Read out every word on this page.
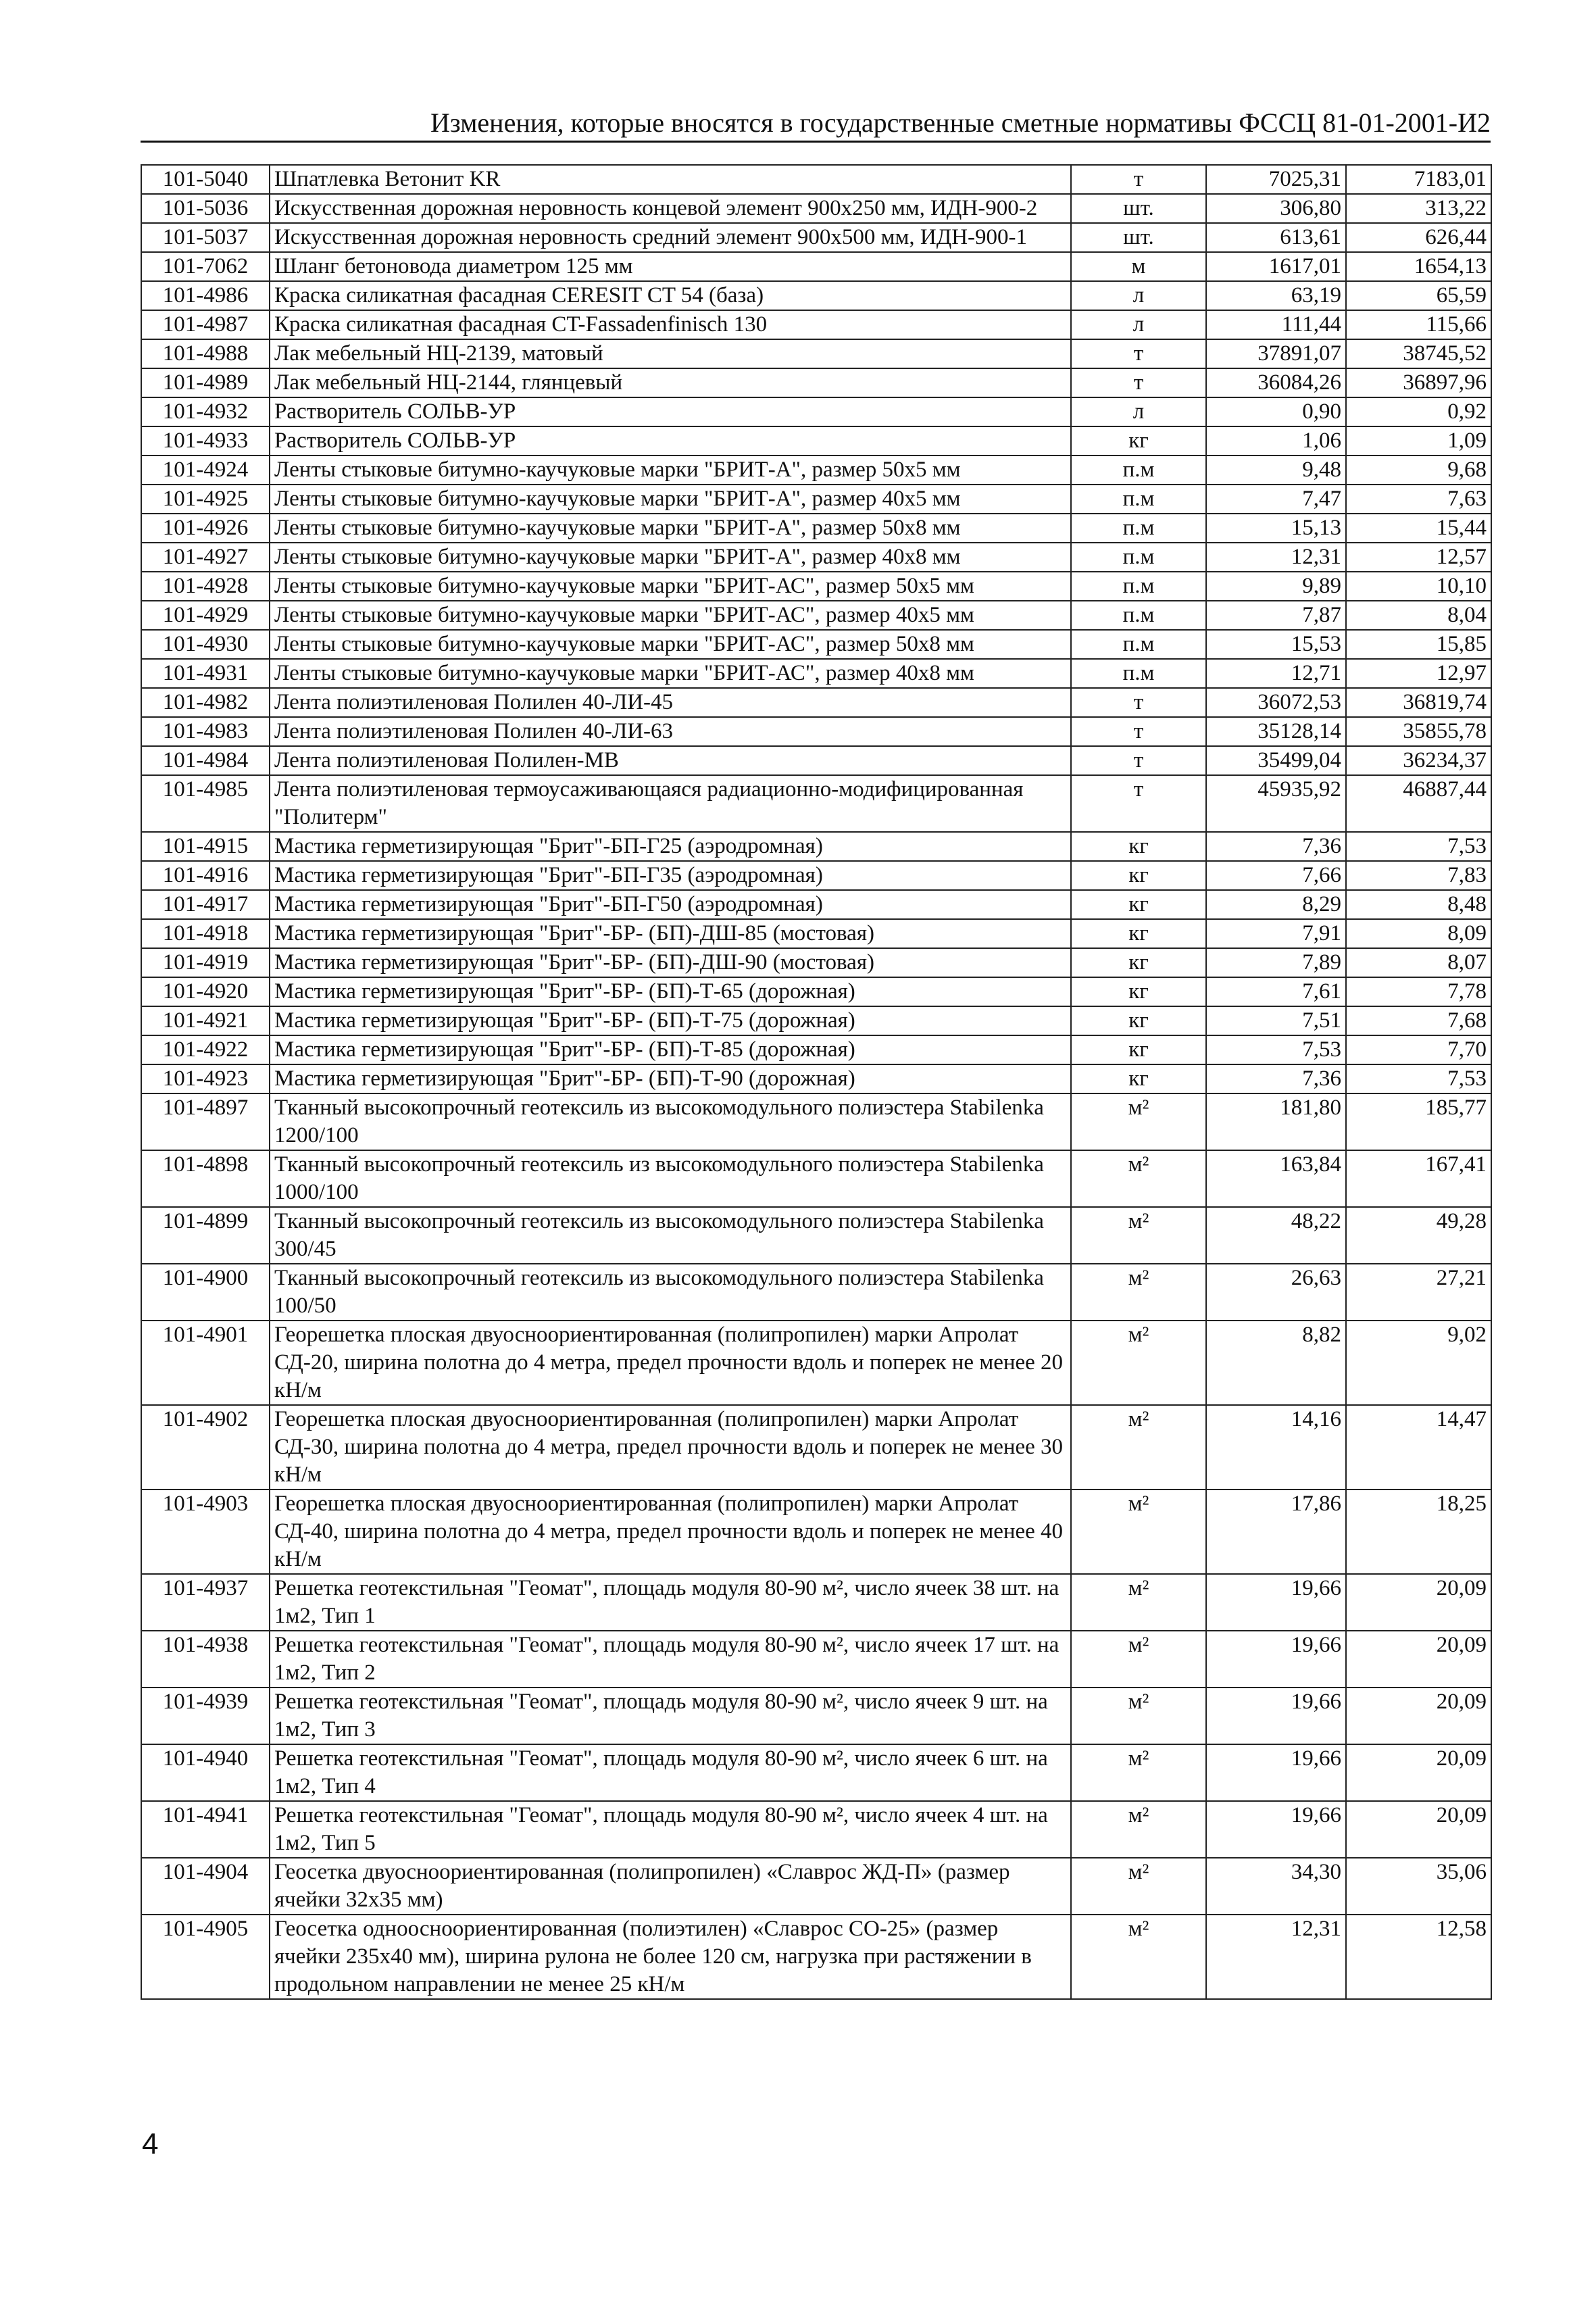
Изменения, которые вносятся в государственные сметные нормативы ФССЦ 81-01-2001-И2
101-5040	Шпатлевка Ветонит KR	т	7025,31	7183,01
101-5036	Искусственная дорожная неровность концевой элемент 900х250 мм, ИДН-900-2	шт.	306,80	313,22
101-5037	Искусственная дорожная неровность средний элемент 900х500 мм, ИДН-900-1	шт.	613,61	626,44
101-7062	Шланг бетоновода диаметром 125 мм	м	1617,01	1654,13
101-4986	Краска силикатная фасадная CERESIT CT 54 (база)	л	63,19	65,59
101-4987	Краска силикатная фасадная CT-Fassadenfinisch 130	л	111,44	115,66
101-4988	Лак мебельный НЦ-2139, матовый	т	37891,07	38745,52
101-4989	Лак мебельный НЦ-2144, глянцевый	т	36084,26	36897,96
101-4932	Растворитель СОЛЬВ-УР	л	0,90	0,92
101-4933	Растворитель СОЛЬВ-УР	кг	1,06	1,09
101-4924	Ленты стыковые битумно-каучуковые марки "БРИТ-А", размер 50х5 мм	п.м	9,48	9,68
101-4925	Ленты стыковые битумно-каучуковые марки "БРИТ-А", размер 40х5 мм	п.м	7,47	7,63
101-4926	Ленты стыковые битумно-каучуковые марки "БРИТ-А", размер 50х8 мм	п.м	15,13	15,44
101-4927	Ленты стыковые битумно-каучуковые марки "БРИТ-А", размер 40х8 мм	п.м	12,31	12,57
101-4928	Ленты стыковые битумно-каучуковые марки "БРИТ-АС", размер 50х5 мм	п.м	9,89	10,10
101-4929	Ленты стыковые битумно-каучуковые марки "БРИТ-АС", размер 40х5 мм	п.м	7,87	8,04
101-4930	Ленты стыковые битумно-каучуковые марки "БРИТ-АС", размер 50х8 мм	п.м	15,53	15,85
101-4931	Ленты стыковые битумно-каучуковые марки "БРИТ-АС", размер 40х8 мм	п.м	12,71	12,97
101-4982	Лента полиэтиленовая Полилен 40-ЛИ-45	т	36072,53	36819,74
101-4983	Лента полиэтиленовая Полилен 40-ЛИ-63	т	35128,14	35855,78
101-4984	Лента полиэтиленовая Полилен-МВ	т	35499,04	36234,37
101-4985	Лента полиэтиленовая термоусаживающаяся радиационно-модифицированная "Политерм"	т	45935,92	46887,44
101-4915	Мастика герметизирующая "Брит"-БП-Г25 (аэродромная)	кг	7,36	7,53
101-4916	Мастика герметизирующая "Брит"-БП-Г35 (аэродромная)	кг	7,66	7,83
101-4917	Мастика герметизирующая "Брит"-БП-Г50 (аэродромная)	кг	8,29	8,48
101-4918	Мастика герметизирующая "Брит"-БР- (БП)-ДШ-85 (мостовая)	кг	7,91	8,09
101-4919	Мастика герметизирующая "Брит"-БР- (БП)-ДШ-90 (мостовая)	кг	7,89	8,07
101-4920	Мастика герметизирующая "Брит"-БР- (БП)-Т-65 (дорожная)	кг	7,61	7,78
101-4921	Мастика герметизирующая "Брит"-БР- (БП)-Т-75 (дорожная)	кг	7,51	7,68
101-4922	Мастика герметизирующая "Брит"-БР- (БП)-Т-85 (дорожная)	кг	7,53	7,70
101-4923	Мастика герметизирующая "Брит"-БР- (БП)-Т-90 (дорожная)	кг	7,36	7,53
101-4897	Тканный высокопрочный геотексиль из высокомодульного полиэстера Stabilenka 1200/100	м²	181,80	185,77
101-4898	Тканный высокопрочный геотексиль из высокомодульного полиэстера Stabilenka 1000/100	м²	163,84	167,41
101-4899	Тканный высокопрочный геотексиль из высокомодульного полиэстера Stabilenka 300/45	м²	48,22	49,28
101-4900	Тканный высокопрочный геотексиль из высокомодульного полиэстера Stabilenka 100/50	м²	26,63	27,21
101-4901	Георешетка плоская двуосноориентированная (полипропилен) марки Апролат СД-20, ширина полотна до 4 метра, предел прочности вдоль и поперек не менее 20 кН/м	м²	8,82	9,02
101-4902	Георешетка плоская двуосноориентированная (полипропилен) марки Апролат СД-30, ширина полотна до 4 метра, предел прочности вдоль и поперек не менее 30 кН/м	м²	14,16	14,47
101-4903	Георешетка плоская двуосноориентированная (полипропилен) марки Апролат СД-40, ширина полотна до 4 метра, предел прочности вдоль и поперек не менее 40 кН/м	м²	17,86	18,25
101-4937	Решетка геотекстильная "Геомат", площадь модуля 80-90 м², число ячеек 38 шт. на 1м2, Тип 1	м²	19,66	20,09
101-4938	Решетка геотекстильная "Геомат", площадь модуля 80-90 м², число ячеек 17 шт. на 1м2, Тип 2	м²	19,66	20,09
101-4939	Решетка геотекстильная "Геомат", площадь модуля 80-90 м², число ячеек 9 шт. на 1м2, Тип 3	м²	19,66	20,09
101-4940	Решетка геотекстильная "Геомат", площадь модуля 80-90 м², число ячеек 6 шт. на 1м2, Тип 4	м²	19,66	20,09
101-4941	Решетка геотекстильная "Геомат", площадь модуля 80-90 м², число ячеек 4 шт. на 1м2, Тип 5	м²	19,66	20,09
101-4904	Геосетка двуосноориентированная (полипропилен) «Славрос ЖД-П» (размер ячейки 32х35 мм)	м²	34,30	35,06
101-4905	Геосетка одноосноориентированная (полиэтилен) «Славрос СО-25» (размер ячейки 235х40 мм), ширина рулона не более 120 см, нагрузка при растяжении в продольном направлении не менее 25 кН/м	м²	12,31	12,58
4
